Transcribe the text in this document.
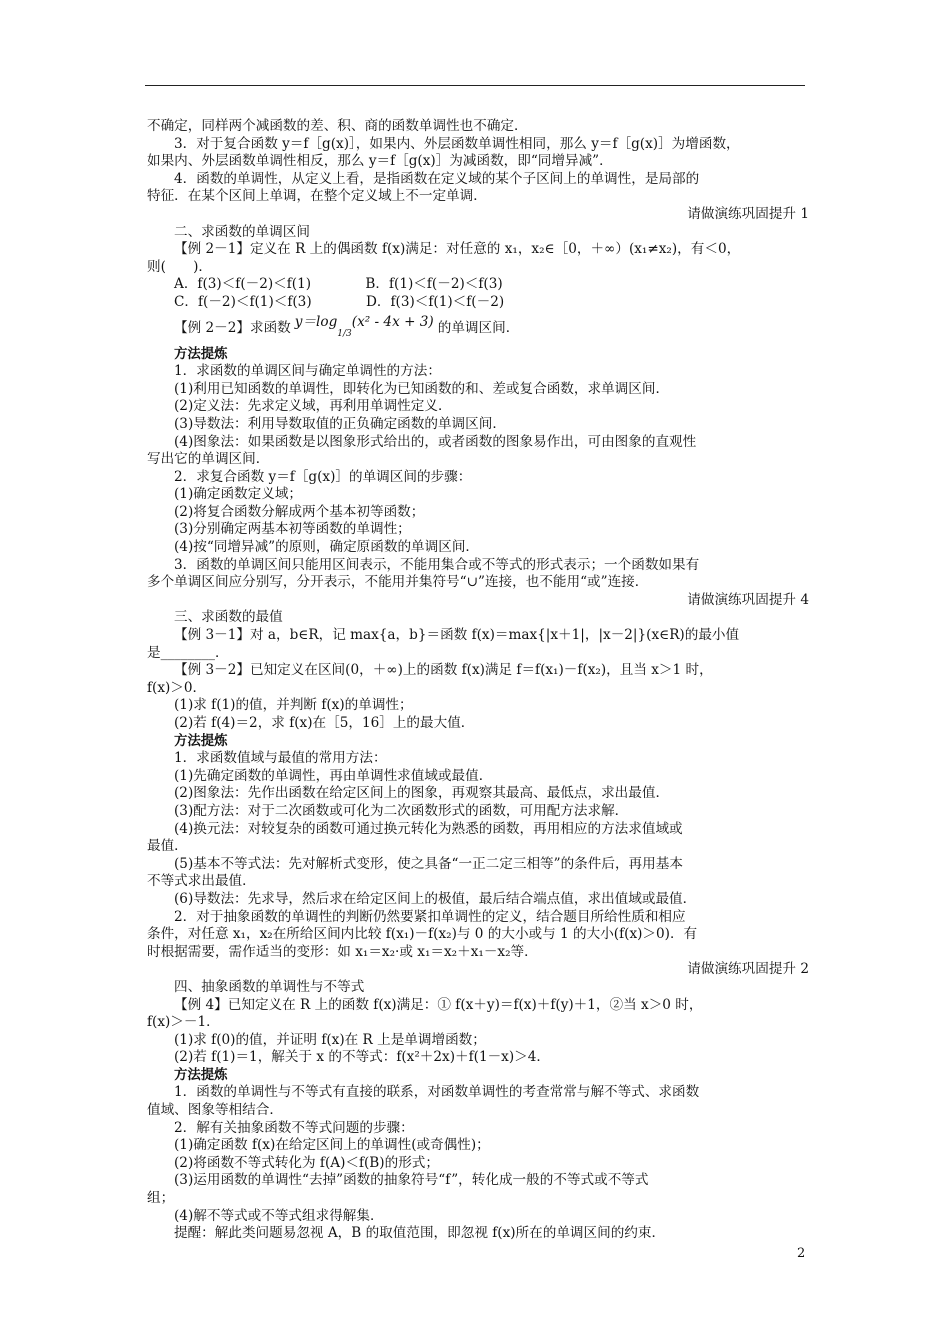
不确定，同样两个减函数的差、积、商的函数单调性也不确定．
3．对于复合函数 y＝f［g(x)］，如果内、外层函数单调性相同，那么 y＝f［g(x)］为增函数，
如果内、外层函数单调性相反，那么 y＝f［g(x)］为减函数，即“同增异减”．
4．函数的单调性，从定义上看，是指函数在定义域的某个子区间上的单调性，是局部的
特征．在某个区间上单调，在整个定义域上不一定单调．
请做演练巩固提升 1
二、求函数的单调区间
【例 2－1】定义在 R 上的偶函数 f(x)满足：对任意的 x₁，x₂∈［0，＋∞）(x₁≠x₂)，有＜0，
则(　　)．
A．f(3)＜f(－2)＜f(1)　　　　B．f(1)＜f(－2)＜f(3)
C．f(－2)＜f(1)＜f(3)　　　　D．f(3)＜f(1)＜f(－2)
【例 2－2】求函数 $y=\log_{1/3}(x^2 - 4x + 3)$ 的单调区间．
方法提炼
1．求函数的单调区间与确定单调性的方法：
(1)利用已知函数的单调性，即转化为已知函数的和、差或复合函数，求单调区间．
(2)定义法：先求定义域，再利用单调性定义．
(3)导数法：利用导数取值的正负确定函数的单调区间．
(4)图象法：如果函数是以图象形式给出的，或者函数的图象易作出，可由图象的直观性
写出它的单调区间．
2．求复合函数 y＝f［g(x)］的单调区间的步骤：
(1)确定函数定义域；
(2)将复合函数分解成两个基本初等函数；
(3)分别确定两基本初等函数的单调性；
(4)按“同增异减”的原则，确定原函数的单调区间．
3．函数的单调区间只能用区间表示，不能用集合或不等式的形式表示；一个函数如果有
多个单调区间应分别写，分开表示，不能用并集符号“∪”连接，也不能用“或”连接．
请做演练巩固提升 4
三、求函数的最值
【例 3－1】对 a，b∈R，记 max{a，b}＝函数 f(x)＝max{|x＋1|，|x－2|}(x∈R)的最小值
是________．
【例 3－2】已知定义在区间(0，＋∞)上的函数 f(x)满足 f＝f(x₁)－f(x₂)，且当 x＞1 时，
f(x)＞0．
(1)求 f(1)的值，并判断 f(x)的单调性；
(2)若 f(4)＝2，求 f(x)在［5，16］上的最大值．
方法提炼
1．求函数值域与最值的常用方法：
(1)先确定函数的单调性，再由单调性求值域或最值．
(2)图象法：先作出函数在给定区间上的图象，再观察其最高、最低点，求出最值．
(3)配方法：对于二次函数或可化为二次函数形式的函数，可用配方法求解．
(4)换元法：对较复杂的函数可通过换元转化为熟悉的函数，再用相应的方法求值域或
最值．
(5)基本不等式法：先对解析式变形，使之具备“一正二定三相等”的条件后，再用基本
不等式求出最值．
(6)导数法：先求导，然后求在给定区间上的极值，最后结合端点值，求出值域或最值．
2．对于抽象函数的单调性的判断仍然要紧扣单调性的定义，结合题目所给性质和相应
条件，对任意 x₁，x₂在所给区间内比较 f(x₁)－f(x₂)与 0 的大小或与 1 的大小(f(x)＞0)．有
时根据需要，需作适当的变形：如 x₁＝x₂·或 x₁＝x₂＋x₁－x₂等．
请做演练巩固提升 2
四、抽象函数的单调性与不等式
【例 4】已知定义在 R 上的函数 f(x)满足：① f(x＋y)＝f(x)＋f(y)＋1，②当 x＞0 时，
f(x)＞－1．
(1)求 f(0)的值，并证明 f(x)在 R 上是单调增函数；
(2)若 f(1)＝1，解关于 x 的不等式：f(x²＋2x)＋f(1－x)＞4．
方法提炼
1．函数的单调性与不等式有直接的联系，对函数单调性的考查常常与解不等式、求函数
值域、图象等相结合．
2．解有关抽象函数不等式问题的步骤：
(1)确定函数 f(x)在给定区间上的单调性(或奇偶性)；
(2)将函数不等式转化为 f(A)＜f(B)的形式；
(3)运用函数的单调性“去掉”函数的抽象符号“f”，转化成一般的不等式或不等式
组；
(4)解不等式或不等式组求得解集．
提醒：解此类问题易忽视 A，B 的取值范围，即忽视 f(x)所在的单调区间的约束．
2
